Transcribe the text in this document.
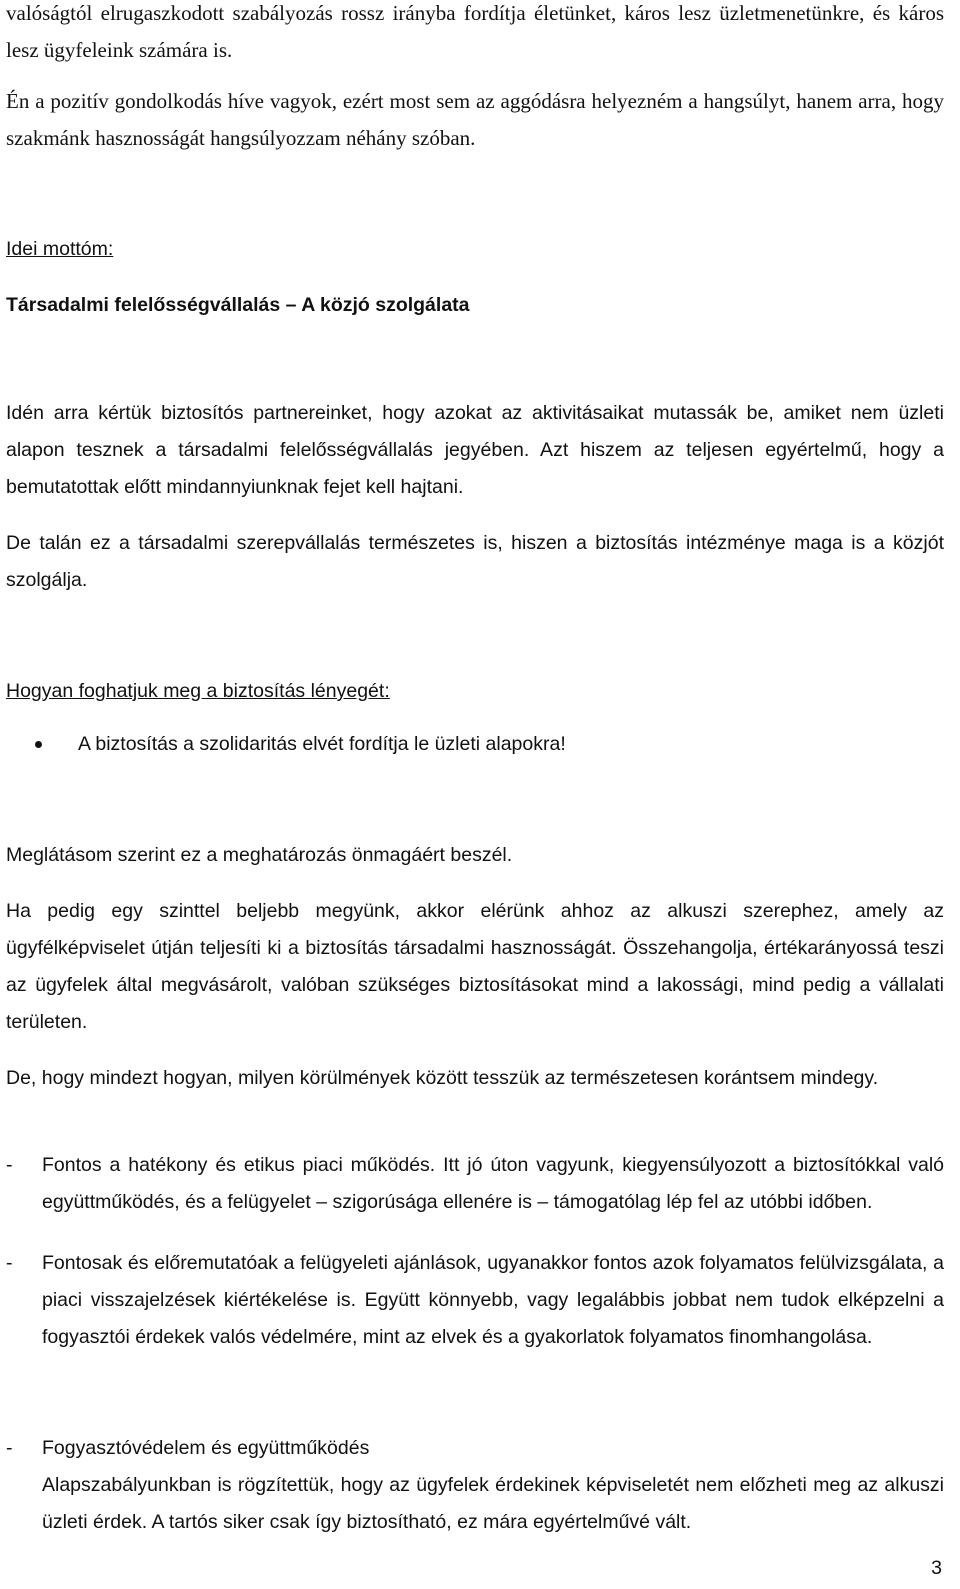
valóságtól elrugaszkodott szabályozás rossz irányba fordítja életünket, káros lesz üzletmenetünkre, és káros lesz ügyfeleink számára is.

Én a pozitív gondolkodás híve vagyok, ezért most sem az aggódásra helyezném a hangsúlyt, hanem arra, hogy szakmánk hasznosságát hangsúlyozzam néhány szóban.

Idei mottóm:

Társadalmi felelősségvállalás – A közjó szolgálata

Idén arra kértük biztosítós partnereinket, hogy azokat az aktivitásaikat mutassák be, amiket nem üzleti alapon tesznek a társadalmi felelősségvállalás jegyében. Azt hiszem az teljesen egyértelmű, hogy a bemutatottak előtt mindannyiunknak fejet kell hajtani.

De talán ez a társadalmi szerepvállalás természetes is, hiszen a biztosítás intézménye maga is a közjót szolgálja.

Hogyan foghatjuk meg a biztosítás lényegét:

A biztosítás a szolidaritás elvét fordítja le üzleti alapokra!

Meglátásom szerint ez a meghatározás önmagáért beszél.

Ha pedig egy szinttel beljebb megyünk, akkor elérünk ahhoz az alkuszi szerephez, amely az ügyfélképviselet útján teljesíti ki a biztosítás társadalmi hasznosságát. Összehangolja, értékarányossá teszi az ügyfelek által megvásárolt, valóban szükséges biztosításokat mind a lakossági, mind pedig a vállalati területen.

De, hogy mindezt hogyan, milyen körülmények között tesszük az természetesen korántsem mindegy.

-	Fontos a hatékony és etikus piaci működés. Itt jó úton vagyunk, kiegyensúlyozott a biztosítókkal való együttműködés, és a felügyelet – szigorúsága ellenére is – támogatólag lép fel az utóbbi időben.
-	Fontosak és előremutatóak a felügyeleti ajánlások, ugyanakkor fontos azok folyamatos felülvizsgálata, a piaci visszajelzések kiértékelése is. Együtt könnyebb, vagy legalábbis jobbat nem tudok elképzelni a fogyasztói érdekek valós védelmére, mint az elvek és a gyakorlatok folyamatos finomhangolása.
-	Fogyasztóvédelem és együttműködés
Alapszabályunkban is rögzítettük, hogy az ügyfelek érdekinek képviseletét nem előzheti meg az alkuszi üzleti érdek. A tartós siker csak így biztosítható, ez mára egyértelművé vált.
3
